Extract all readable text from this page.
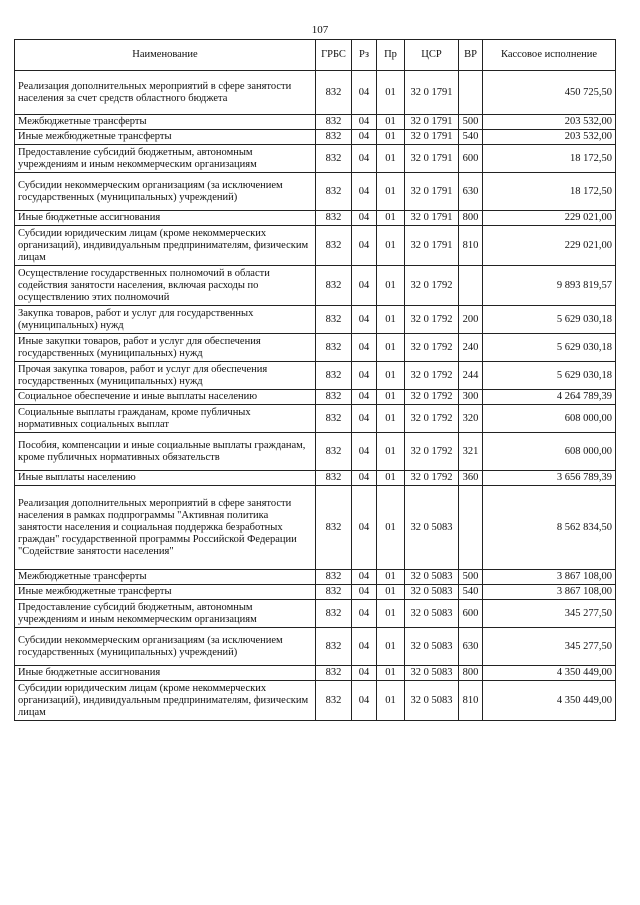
107
Наименование	ГРБС	Рз	Пр	ЦСР	ВР	Кассовое исполнение
Реализация дополнительных мероприятий в сфере занятости населения за счет средств областного бюджета	832	04	01	32 0 1791		450 725,50
Межбюджетные трансферты	832	04	01	32 0 1791	500	203 532,00
Иные межбюджетные трансферты	832	04	01	32 0 1791	540	203 532,00
Предоставление субсидий бюджетным, автономным учреждениям и иным некоммерческим организациям	832	04	01	32 0 1791	600	18 172,50
Субсидии некоммерческим организациям (за исключением государственных (муниципальных) учреждений)	832	04	01	32 0 1791	630	18 172,50
Иные бюджетные ассигнования	832	04	01	32 0 1791	800	229 021,00
Субсидии юридическим лицам (кроме некоммерческих организаций), индивидуальным предпринимателям, физическим лицам	832	04	01	32 0 1791	810	229 021,00
Осуществление государственных полномочий в области содействия занятости населения, включая расходы по осуществлению этих полномочий	832	04	01	32 0 1792		9 893 819,57
Закупка товаров, работ и услуг для государственных (муниципальных) нужд	832	04	01	32 0 1792	200	5 629 030,18
Иные закупки товаров, работ и услуг для обеспечения государственных (муниципальных) нужд	832	04	01	32 0 1792	240	5 629 030,18
Прочая закупка товаров, работ и услуг для обеспечения государственных (муниципальных) нужд	832	04	01	32 0 1792	244	5 629 030,18
Социальное обеспечение и иные выплаты населению	832	04	01	32 0 1792	300	4 264 789,39
Социальные выплаты гражданам, кроме публичных нормативных социальных выплат	832	04	01	32 0 1792	320	608 000,00
Пособия, компенсации и иные социальные выплаты гражданам, кроме публичных нормативных обязательств	832	04	01	32 0 1792	321	608 000,00
Иные выплаты населению	832	04	01	32 0 1792	360	3 656 789,39
Реализация дополнительных мероприятий в сфере занятости населения в рамках подпрограммы "Активная политика занятости населения и социальная поддержка безработных граждан" государственной программы Российской Федерации "Содействие занятости населения"	832	04	01	32 0 5083		8 562 834,50
Межбюджетные трансферты	832	04	01	32 0 5083	500	3 867 108,00
Иные межбюджетные трансферты	832	04	01	32 0 5083	540	3 867 108,00
Предоставление субсидий бюджетным, автономным учреждениям и иным некоммерческим организациям	832	04	01	32 0 5083	600	345 277,50
Субсидии некоммерческим организациям (за исключением государственных (муниципальных) учреждений)	832	04	01	32 0 5083	630	345 277,50
Иные бюджетные ассигнования	832	04	01	32 0 5083	800	4 350 449,00
Субсидии юридическим лицам (кроме некоммерческих организаций), индивидуальным предпринимателям, физическим лицам	832	04	01	32 0 5083	810	4 350 449,00
